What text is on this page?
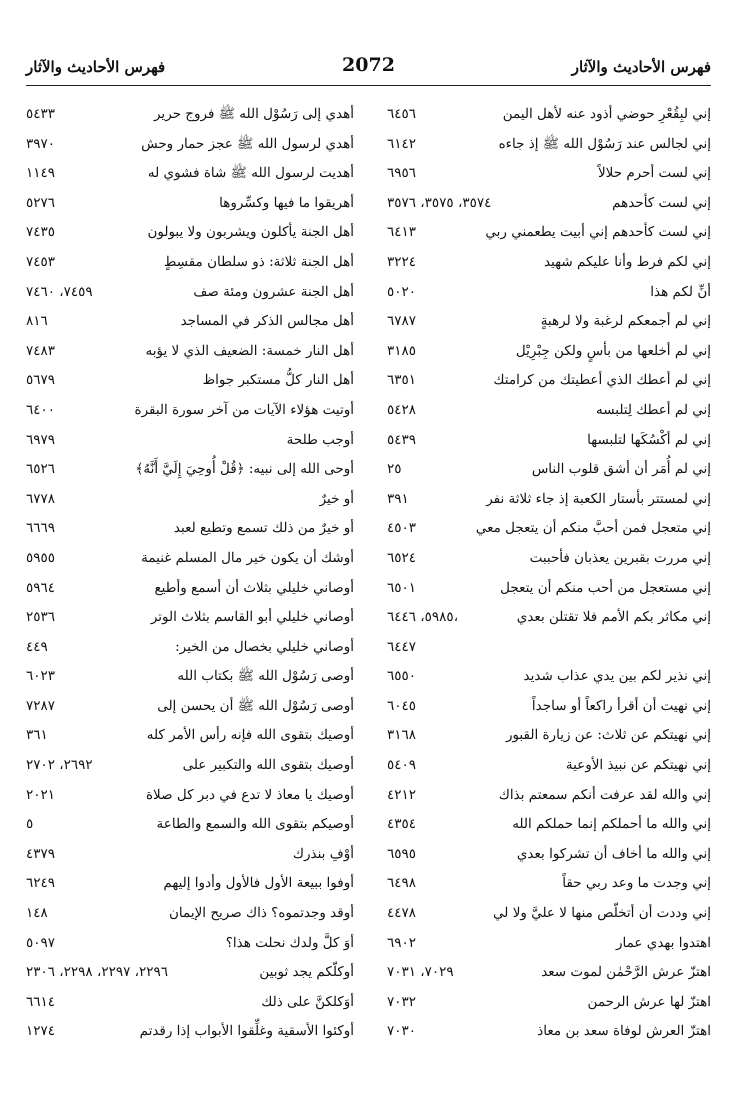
فهرس الأحاديث والآثار
2072
فهرس الأحاديث والآثار
إني لبِقُعْرِ حوضي أذود عنه لأهل اليمن
٦٤٥٦
إني لجالس عند رَسُوْل الله ﷺ إذ جاءه
٦١٤٢
إني لست أحرم حلالاً
٦٩٥٦
إني لست كأحدهم
٣٥٧٤، ٣٥٧٥، ٣٥٧٦
إني لست كأحدهم إني أبيت يطعمني ربي
٦٤١٣
إني لكم فرط وأنا عليكم شهيد
٣٢٢٤
أنِّ لكم هذا
٥٠٢٠
إني لم أجمعكم لرغبة ولا لرهبةٍ
٦٧٨٧
إني لم أخلعها من بأسٍ ولكن جِبْرِيْل
٣١٨٥
إني لم أعطك الذي أعطيتك من كرامتك
٦٣٥١
إني لم أعطك لِتلبسه
٥٤٢٨
إني لم أكْسُكَها لتلبسها
٥٤٣٩
إني لم أُمَر أن أشق قلوب الناس
٢٥
إني لمستتر بأستار الكعبة إذ جاء ثلاثة نفر
٣٩١
إني متعجل فمن أحبَّ منكم أن يتعجل معي
٤٥٠٣
إني مررت بقبرين يعذبان فأحببت
٦٥٢٤
إني مستعجل من أحب منكم أن يتعجل
٦٥٠١
إني مكاثر بكم الأمم فلا تقتلن بعدي
٥٩٨٥، ٦٤٤٦،
٦٤٤٧
إني نذير لكم بين يدي عذاب شديد
٦٥٥٠
إني نهيت أن أقرأ راكعاً أو ساجداً
٦٠٤٥
إني نهيتكم عن ثلاث: عن زيارة القبور
٣١٦٨
إني نهيتكم عن نبيذ الأوعية
٥٤٠٩
إني والله لقد عرفت أنكم سمعتم بذاك
٤٢١٢
إني والله ما أحملكم إنما حملكم الله
٤٣٥٤
إني والله ما أخاف أن تشركوا بعدي
٦٥٩٥
إني وجدت ما وعد ربي حقاً
٦٤٩٨
إني وددت أن أتخلّص منها لا عليَّ ولا لي
٤٤٧٨
اهتدوا بهدي عمار
٦٩٠٢
اهتزّ عرش الرَّحْمٰن لموت سعد
٧٠٢٩، ٧٠٣١
اهتزّ لها عرش الرحمن
٧٠٣٢
اهتزّ العرش لوفاة سعد بن معاذ
٧٠٣٠
أهدي إلى رَسُوْل الله ﷺ فروج حرير
٥٤٣٣
أهدي لرسول الله ﷺ عجز حمار وحش
٣٩٧٠
أهديت لرسول الله ﷺ شاة فشوي له
١١٤٩
أهريقوا ما فيها وكسِّروها
٥٢٧٦
أهل الجنة يأكلون ويشربون ولا يبولون
٧٤٣٥
أهل الجنة ثلاثة: ذو سلطان مقسِطٍ
٧٤٥٣
أهل الجنة عشرون ومئة صف
٧٤٥٩، ٧٤٦٠
أهل مجالس الذكر في المساجد
٨١٦
أهل النار خمسة: الضعيف الذي لا يؤبه
٧٤٨٣
أهل النار كلُّ مستكبر جواظ
٥٦٧٩
أوتيت هؤلاء الآيات من آخر سورة البقرة
٦٤٠٠
أوجب طلحة
٦٩٧٩
أوحى الله إلى نبيه: ﴿قُلْ أُوحِيَ إِلَيَّ أَنَّهُ﴾
٦٥٢٦
أو خيرٌ
٦٧٧٨
أو خيرٌ من ذلك تسمع وتطيع لعبد
٦٦٦٩
أوشك أن يكون خير مال المسلم غنيمة
٥٩٥٥
أوصاني خليلي بثلاث أن أسمع وأطيع
٥٩٦٤
أوصاني خليلي أبو القاسم بثلاث الوتر
٢٥٣٦
أوصاني خليلي بخصال من الخير:
٤٤٩
أوصى رَسُوْل الله ﷺ بكتاب الله
٦٠٢٣
أوصى رَسُوْل الله ﷺ أن يحسن إلى
٧٢٨٧
أوصيك بتقوى الله فإنه رأس الأمر كله
٣٦١
أوصيك بتقوى الله والتكبير على
٢٦٩٢، ٢٧٠٢
أوصيك يا معاذ لا تدع في دبر كل صلاة
٢٠٢١
أوصيكم بتقوى الله والسمع والطاعة
٥
أوْفِ بنذرك
٤٣٧٩
أوفوا ببيعة الأول فالأول وأدوا إليهم
٦٢٤٩
أوقد وجدتموه؟ ذاك صريح الإيمان
١٤٨
أوَ كلَّ ولدك نحلت هذا؟
٥٠٩٧
أوكلّكم يجد ثوبين
٢٢٩٦، ٢٢٩٧، ٢٢٩٨، ٢٣٠٦
أوَكلكنَّ على ذلك
٦٦١٤
أوكئوا الأسقية وغلِّقوا الأبواب إذا رقدتم
١٢٧٤
